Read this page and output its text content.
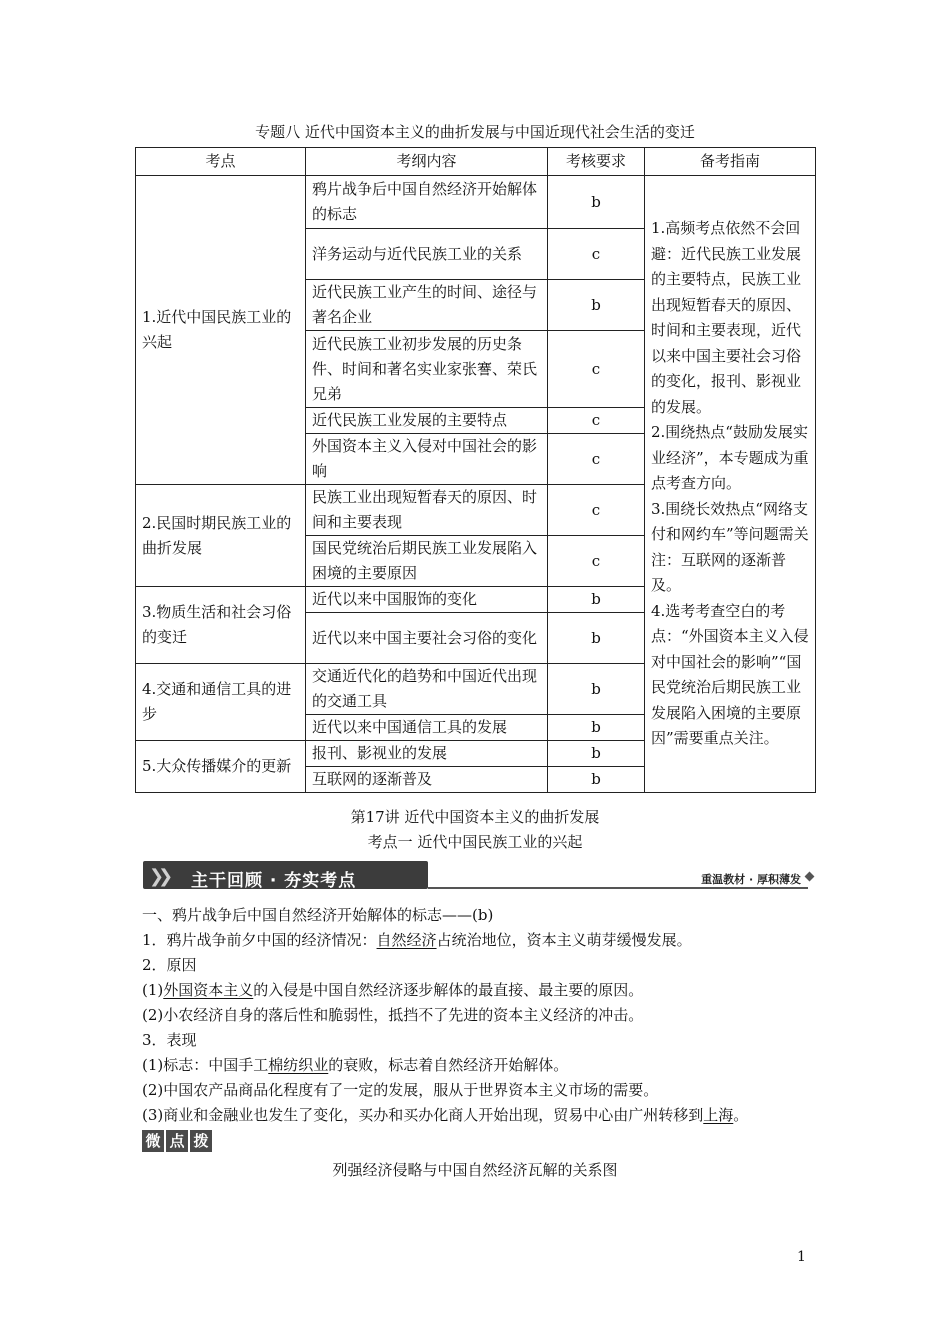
专题八 近代中国资本主义的曲折发展与中国近现代社会生活的变迁
考点	考纲内容	考核要求	备考指南
1.近代中国民族工业的兴起	鸦片战争后中国自然经济开始解体的标志	b	1.高频考点依然不会回避：近代民族工业发展的主要特点，民族工业出现短暂春天的原因、时间和主要表现，近代以来中国主要社会习俗的变化，报刊、影视业的发展。
2.围绕热点“鼓励发展实业经济”，本专题成为重点考查方向。
3.围绕长效热点“网络支付和网约车”等问题需关注：互联网的逐渐普及。
4.选考考查空白的考点：“外国资本主义入侵对中国社会的影响”“国民党统治后期民族工业发展陷入困境的主要原因”需要重点关注。

	洋务运动与近代民族工业的关系	c	
	近代民族工业产生的时间、途径与著名企业	b	
	近代民族工业初步发展的历史条件、时间和著名实业家张謇、荣氏兄弟	c	
	近代民族工业发展的主要特点	c	
	外国资本主义入侵对中国社会的影响	c	
2.民国时期民族工业的曲折发展	民族工业出现短暂春天的原因、时间和主要表现	c	
	国民党统治后期民族工业发展陷入困境的主要原因	c	
3.物质生活和社会习俗的变迁	近代以来中国服饰的变化	b	
	近代以来中国主要社会习俗的变化	b	
4.交通和通信工具的进步	交通近代化的趋势和中国近代出现的交通工具	b	
	近代以来中国通信工具的发展	b	
5.大众传播媒介的更新	报刊、影视业的发展	b	
	互联网的逐渐普及	b	
第17讲 近代中国资本主义的曲折发展
考点一 近代中国民族工业的兴起
❯❯ 主干回顾 · 夯实考点	重温教材 · 厚积薄发
一、鸦片战争后中国自然经济开始解体的标志——(b)
1．鸦片战争前夕中国的经济情况：自然经济占统治地位，资本主义萌芽缓慢发展。
2．原因
(1)外国资本主义的入侵是中国自然经济逐步解体的最直接、最主要的原因。
(2)小农经济自身的落后性和脆弱性，抵挡不了先进的资本主义经济的冲击。
3．表现
(1)标志：中国手工棉纺织业的衰败，标志着自然经济开始解体。
(2)中国农产品商品化程度有了一定的发展，服从于世界资本主义市场的需要。
(3)商业和金融业也发生了变化，买办和买办化商人开始出现，贸易中心由广州转移到上海。
微 点 拨
列强经济侵略与中国自然经济瓦解的关系图
1
